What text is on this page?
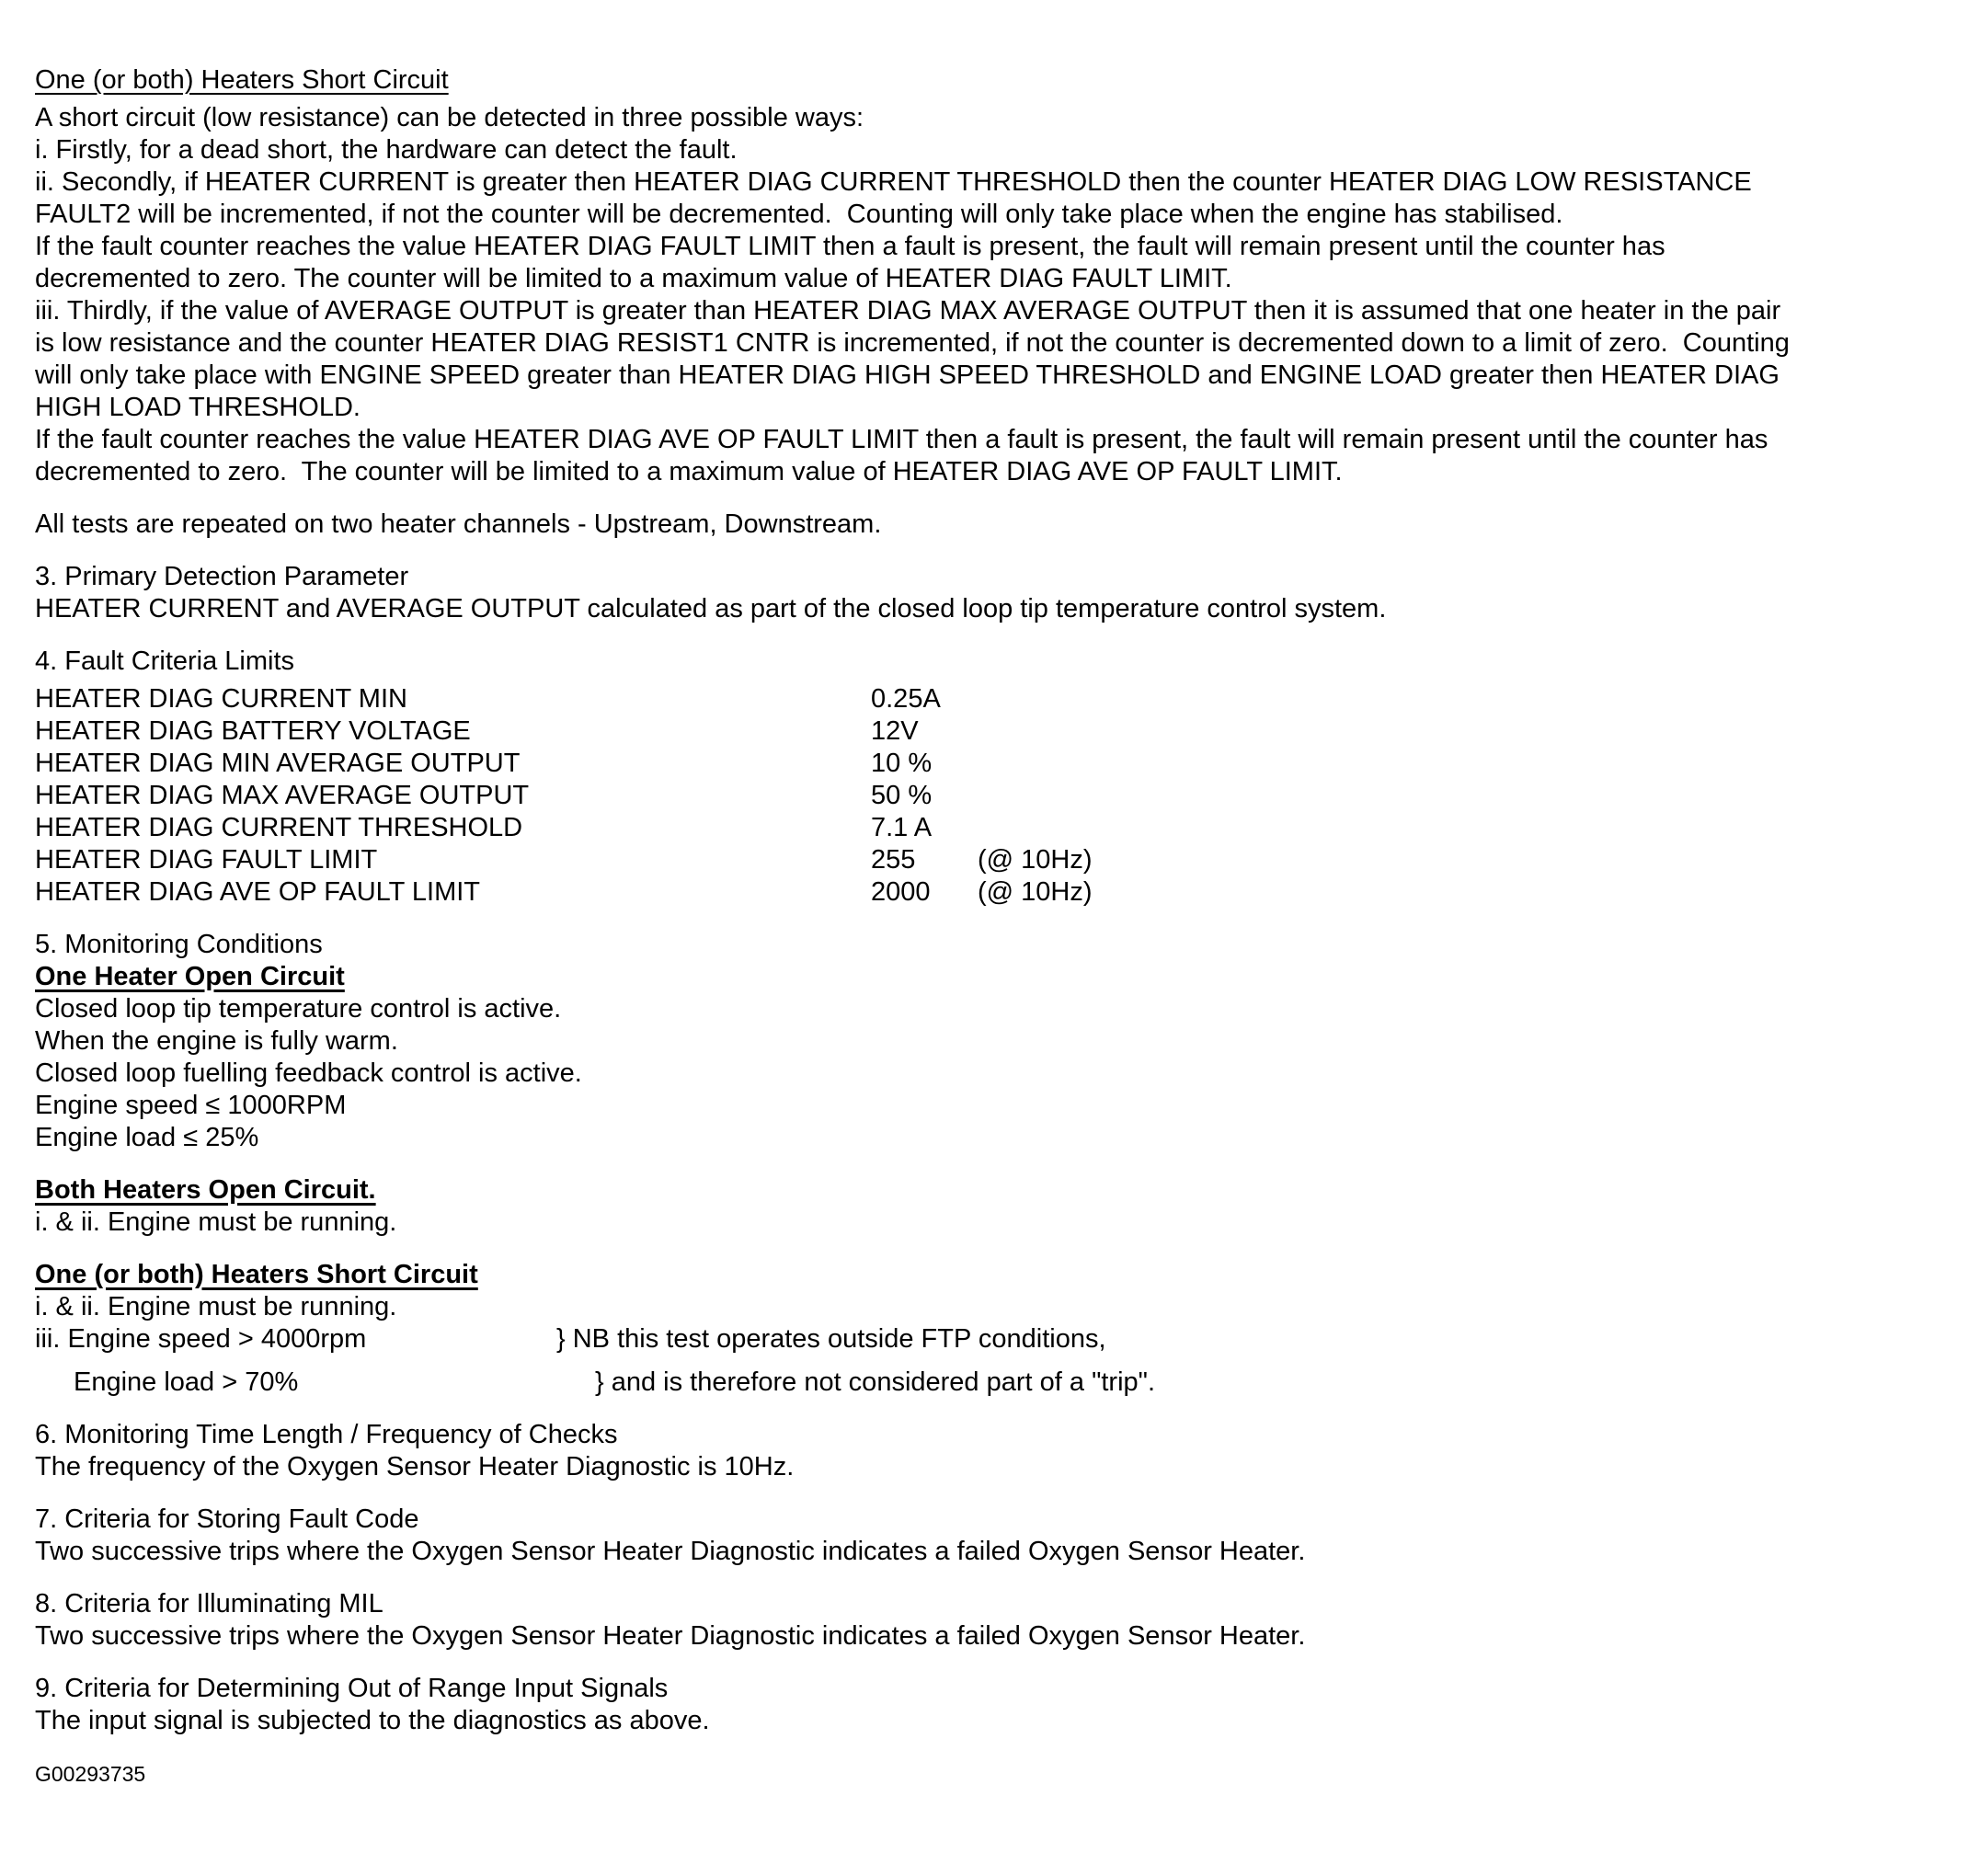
One (or both) Heaters Short Circuit
A short circuit (low resistance) can be detected in three possible ways:
i. Firstly, for a dead short, the hardware can detect the fault.
ii. Secondly, if HEATER CURRENT is greater then HEATER DIAG CURRENT THRESHOLD then the counter HEATER DIAG LOW RESISTANCE
FAULT2 will be incremented, if not the counter will be decremented.  Counting will only take place when the engine has stabilised.
If the fault counter reaches the value HEATER DIAG FAULT LIMIT then a fault is present, the fault will remain present until the counter has
decremented to zero. The counter will be limited to a maximum value of HEATER DIAG FAULT LIMIT.
iii. Thirdly, if the value of AVERAGE OUTPUT is greater than HEATER DIAG MAX AVERAGE OUTPUT then it is assumed that one heater in the pair
is low resistance and the counter HEATER DIAG RESIST1 CNTR is incremented, if not the counter is decremented down to a limit of zero.  Counting
will only take place with ENGINE SPEED greater than HEATER DIAG HIGH SPEED THRESHOLD and ENGINE LOAD greater then HEATER DIAG
HIGH LOAD THRESHOLD.
If the fault counter reaches the value HEATER DIAG AVE OP FAULT LIMIT then a fault is present, the fault will remain present until the counter has
decremented to zero.  The counter will be limited to a maximum value of HEATER DIAG AVE OP FAULT LIMIT.
All tests are repeated on two heater channels - Upstream, Downstream.
3. Primary Detection Parameter
HEATER CURRENT and AVERAGE OUTPUT calculated as part of the closed loop tip temperature control system.
4. Fault Criteria Limits
HEATER DIAG CURRENT MIN	0.25A
HEATER DIAG BATTERY VOLTAGE	12V
HEATER DIAG MIN AVERAGE OUTPUT	10 %
HEATER DIAG MAX AVERAGE OUTPUT	50 %
HEATER DIAG CURRENT THRESHOLD	7.1 A
HEATER DIAG FAULT LIMIT	255	(@ 10Hz)
HEATER DIAG AVE OP FAULT LIMIT	2000	(@ 10Hz)
5. Monitoring Conditions
One Heater Open Circuit
Closed loop tip temperature control is active.
When the engine is fully warm.
Closed loop fuelling feedback control is active.
Engine speed ≤ 1000RPM
Engine load ≤ 25%
Both Heaters Open Circuit.
i. & ii. Engine must be running.
One (or both) Heaters Short Circuit
i. & ii. Engine must be running.
iii. Engine speed > 4000rpm	} NB this test operates outside FTP conditions,
Engine load > 70%	} and is therefore not considered part of a "trip".
6. Monitoring Time Length / Frequency of Checks
The frequency of the Oxygen Sensor Heater Diagnostic is 10Hz.
7. Criteria for Storing Fault Code
Two successive trips where the Oxygen Sensor Heater Diagnostic indicates a failed Oxygen Sensor Heater.
8. Criteria for Illuminating MIL
Two successive trips where the Oxygen Sensor Heater Diagnostic indicates a failed Oxygen Sensor Heater.
9. Criteria for Determining Out of Range Input Signals
The input signal is subjected to the diagnostics as above.
G00293735
